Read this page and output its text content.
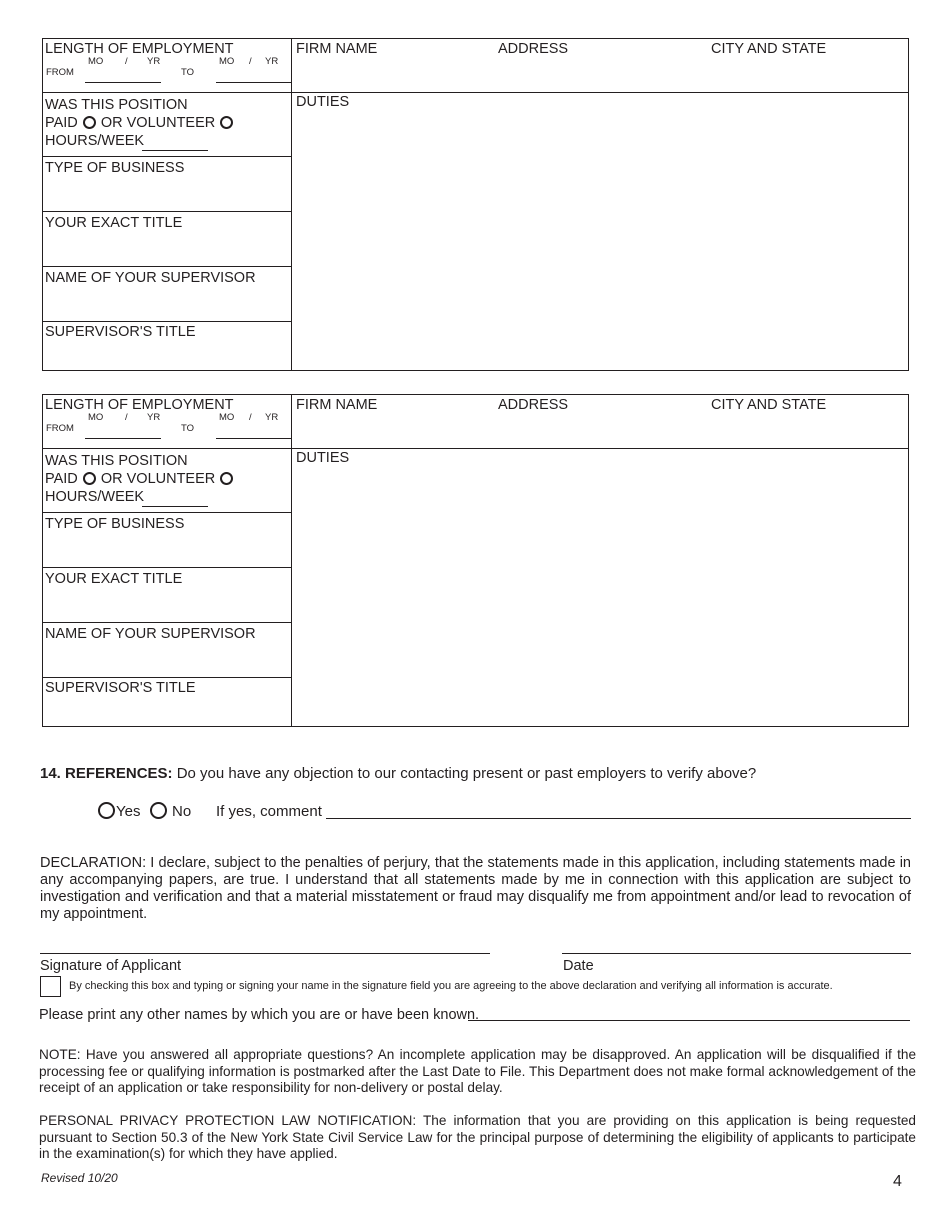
LENGTH OF EMPLOYMENT
MO / YR	MO / YR
FROM	TO
FIRM NAME	ADDRESS	CITY AND STATE
WAS THIS POSITION
PAID OR VOLUNTEER
HOURS/WEEK
DUTIES
TYPE OF BUSINESS
YOUR EXACT TITLE
NAME OF YOUR SUPERVISOR
SUPERVISOR'S TITLE
LENGTH OF EMPLOYMENT
MO / YR	MO / YR
FROM	TO
FIRM NAME	ADDRESS	CITY AND STATE
WAS THIS POSITION
PAID OR VOLUNTEER
HOURS/WEEK
DUTIES
TYPE OF BUSINESS
YOUR EXACT TITLE
NAME OF YOUR SUPERVISOR
SUPERVISOR'S TITLE
14. REFERENCES: Do you have any objection to our contacting present or past employers to verify above?
Yes No If yes, comment
DECLARATION: I declare, subject to the penalties of perjury, that the statements made in this application, including statements made in any accompanying papers, are true. I understand that all statements made by me in connection with this application are subject to investigation and verification and that a material misstatement or fraud may disqualify me from appointment and/or lead to revocation of my appointment.
Signature of Applicant	Date
By checking this box and typing or signing your name in the signature field you are agreeing to the above declaration and verifying all information is accurate.
Please print any other names by which you are or have been known.
NOTE: Have you answered all appropriate questions? An incomplete application may be disapproved. An application will be disqualified if the processing fee or qualifying information is postmarked after the Last Date to File. This Department does not make formal acknowledgement of the receipt of an application or take responsibility for non-delivery or postal delay.
PERSONAL PRIVACY PROTECTION LAW NOTIFICATION: The information that you are providing on this application is being requested pursuant to Section 50.3 of the New York State Civil Service Law for the principal purpose of determining the eligibility of applicants to participate in the examination(s) for which they have applied.
Revised 10/20	4
